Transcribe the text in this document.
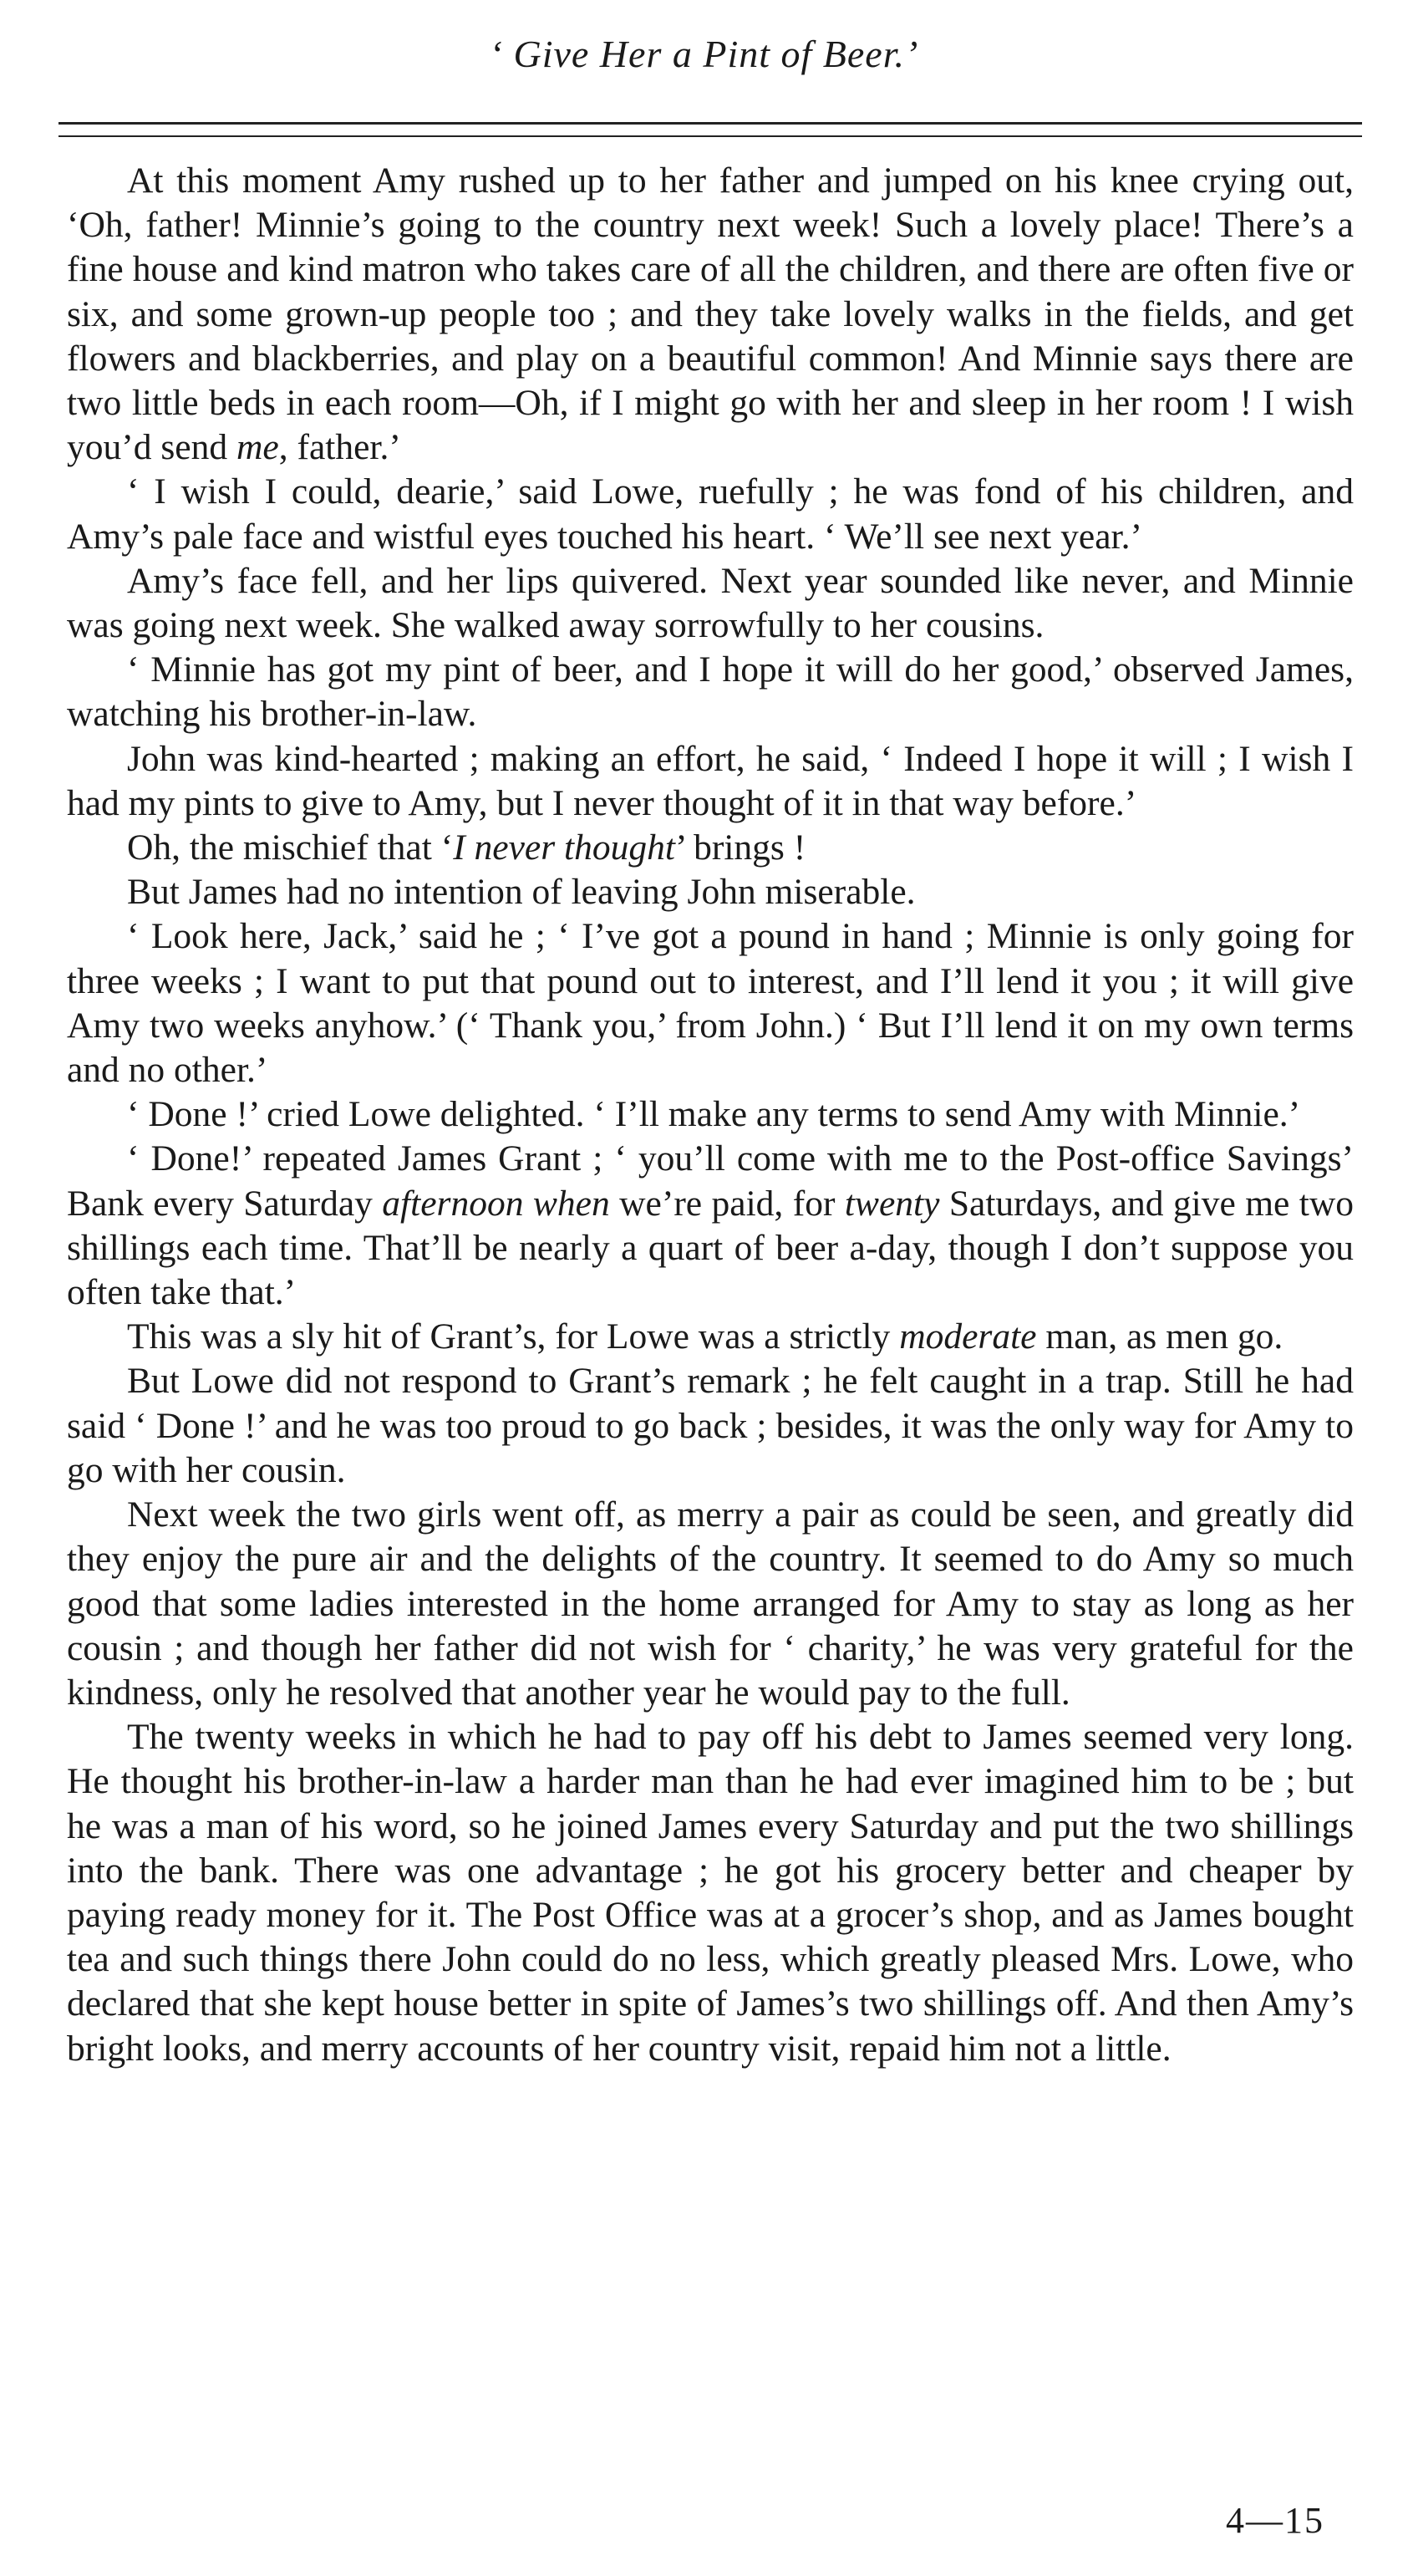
‘ Give Her a Pint of Beer.’

At this moment Amy rushed up to her father and jumped on his knee crying out, ‘Oh, father! Minnie’s going to the country next week! Such a lovely place! There’s a fine house and kind matron who takes care of all the children, and there are often five or six, and some grown-up people too ; and they take lovely walks in the fields, and get flowers and blackberries, and play on a beautiful common! And Minnie says there are two little beds in each room—Oh, if I might go with her and sleep in her room ! I wish you’d send me, father.’

‘ I wish I could, dearie,’ said Lowe, ruefully ; he was fond of his children, and Amy’s pale face and wistful eyes touched his heart. ‘ We’ll see next year.’

Amy’s face fell, and her lips quivered. Next year sounded like never, and Minnie was going next week. She walked away sorrowfully to her cousins.

‘ Minnie has got my pint of beer, and I hope it will do her good,’ observed James, watching his brother-in-law.

John was kind-hearted ; making an effort, he said, ‘ Indeed I hope it will ; I wish I had my pints to give to Amy, but I never thought of it in that way before.’

Oh, the mischief that ‘I never thought’ brings !

But James had no intention of leaving John miserable.

‘ Look here, Jack,’ said he ; ‘ I’ve got a pound in hand ; Minnie is only going for three weeks ; I want to put that pound out to interest, and I’ll lend it you ; it will give Amy two weeks anyhow.’ (‘ Thank you,’ from John.) ‘ But I’ll lend it on my own terms and no other.’

‘ Done !’ cried Lowe delighted. ‘ I’ll make any terms to send Amy with Minnie.’

‘ Done!’ repeated James Grant ; ‘ you’ll come with me to the Post-office Savings’ Bank every Saturday afternoon when we’re paid, for twenty Saturdays, and give me two shillings each time. That’ll be nearly a quart of beer a-day, though I don’t suppose you often take that.’

This was a sly hit of Grant’s, for Lowe was a strictly moderate man, as men go.

But Lowe did not respond to Grant’s remark ; he felt caught in a trap. Still he had said ‘ Done !’ and he was too proud to go back ; besides, it was the only way for Amy to go with her cousin.

Next week the two girls went off, as merry a pair as could be seen, and greatly did they enjoy the pure air and the delights of the country. It seemed to do Amy so much good that some ladies interested in the home arranged for Amy to stay as long as her cousin ; and though her father did not wish for ‘ charity,’ he was very grateful for the kindness, only he resolved that another year he would pay to the full.

The twenty weeks in which he had to pay off his debt to James seemed very long. He thought his brother-in-law a harder man than he had ever imagined him to be ; but he was a man of his word, so he joined James every Saturday and put the two shillings into the bank. There was one advantage ; he got his grocery better and cheaper by paying ready money for it. The Post Office was at a grocer’s shop, and as James bought tea and such things there John could do no less, which greatly pleased Mrs. Lowe, who declared that she kept house better in spite of James’s two shillings off. And then Amy’s bright looks, and merry accounts of her country visit, repaid him not a little.

4—15
